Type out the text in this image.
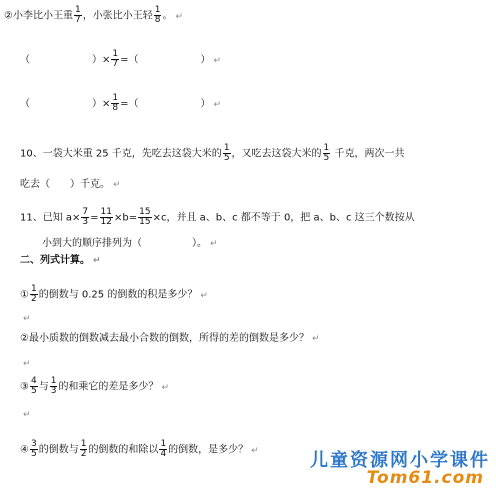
②小李比小王重 $\frac{1}{7}$ ，小张比小王轻 $\frac{1}{8}$ 。 ↵
（	）× $\frac{1}{7}$ =（	） ↵
（	）× $\frac{1}{8}$ =（	） ↵
10、一袋大米重 25 千克，先吃去这袋大米的 $\frac{1}{5}$ ，又吃去这袋大米的 $\frac{1}{5}$ 千克，两次一共
吃去（　　）千克。 ↵
11、已知 $a\times \frac{7}{3} = \frac{11}{12} \times b= \frac{15}{15} \times c$，并且 a、b、c 都不等于 0，把 a、b、c 这三个数按从
小到大的顺序排列为（　　　　　）。 ↵
二、列式计算。 ↵
① $\frac{1}{2}$ 的倒数与 0.25 的倒数的积是多少？ ↵
↵
②最小质数的倒数减去最小合数的倒数，所得的差的倒数是多少？ ↵
↵
③ $\frac{4}{5}$ 与 $\frac{1}{3}$ 的和乘它的差是多少？ ↵
↵
④ $\frac{3}{5}$ 的倒数与 $\frac{1}{2}$ 的倒数的和除以 $\frac{1}{4}$ 的倒数，是多少？ ↵	儿童资源网小学课件
Tom61.com
